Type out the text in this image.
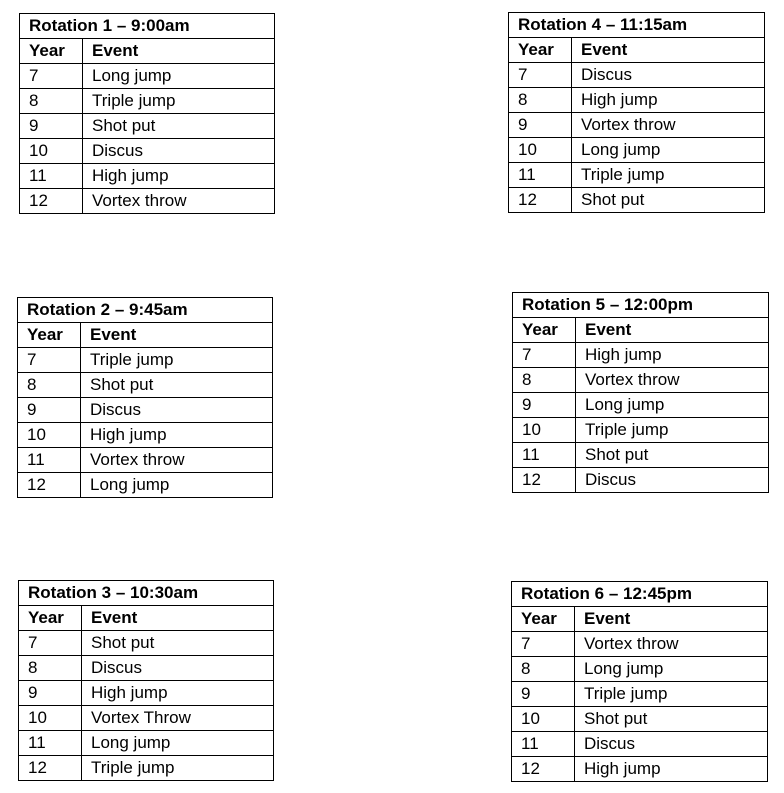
Rotation 1 – 9:00am	
Year	Event
7	Long jump
8	Triple jump
9	Shot put
10	Discus
11	High jump
12	Vortex throw
Rotation 4 – 11:15am	
Year	Event
7	Discus
8	High jump
9	Vortex throw
10	Long jump
11	Triple jump
12	Shot put
Rotation 2 – 9:45am	
Year	Event
7	Triple jump
8	Shot put
9	Discus
10	High jump
11	Vortex throw
12	Long jump
Rotation 5 – 12:00pm	
Year	Event
7	High jump
8	Vortex throw
9	Long jump
10	Triple jump
11	Shot put
12	Discus
Rotation 3 – 10:30am	
Year	Event
7	Shot put
8	Discus
9	High jump
10	Vortex Throw
11	Long jump
12	Triple jump
Rotation 6 – 12:45pm	
Year	Event
7	Vortex throw
8	Long jump
9	Triple jump
10	Shot put
11	Discus
12	High jump
